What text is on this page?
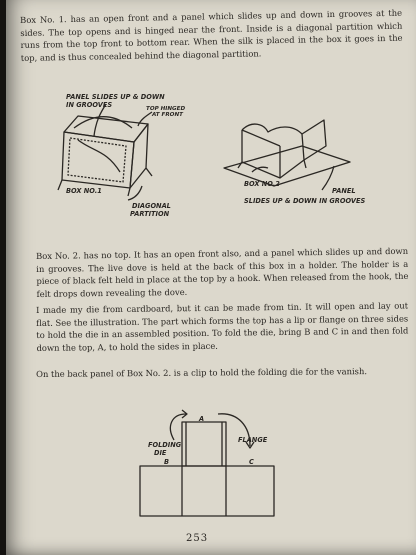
Box No. 1. has an open front and a panel which slides up and down in grooves at the sides. The top opens and is hinged near the front. Inside is a diagonal partition which runs from the top front to bottom rear. When the silk is placed in the box it goes in the top, and is thus concealed behind the diagonal partition.

PANEL SLIDES UP & DOWN
IN GROOVES	TOP HINGED
AT FRONT
BOX NO.1
DIAGONAL
PARTITION
BOX NO.2
PANEL
SLIDES UP & DOWN IN GROOVES

Box No. 2. has no top. It has an open front also, and a panel which slides up and down in grooves. The live dove is held at the back of this box in a holder. The holder is a piece of black felt held in place at the top by a hook. When released from the hook, the felt drops down revealing the dove.

I made my die from cardboard, but it can be made from tin. It will open and lay out flat. See the illustration. The part which forms the top has a lip or flange on three sides to hold the die in an assembled position. To fold the die, bring B and C in and then fold down the top, A, to hold the sides in place.

On the back panel of Box No. 2. is a clip to hold the folding die for the vanish.

A
FOLDING
DIE
B
FLANGE
C
253
